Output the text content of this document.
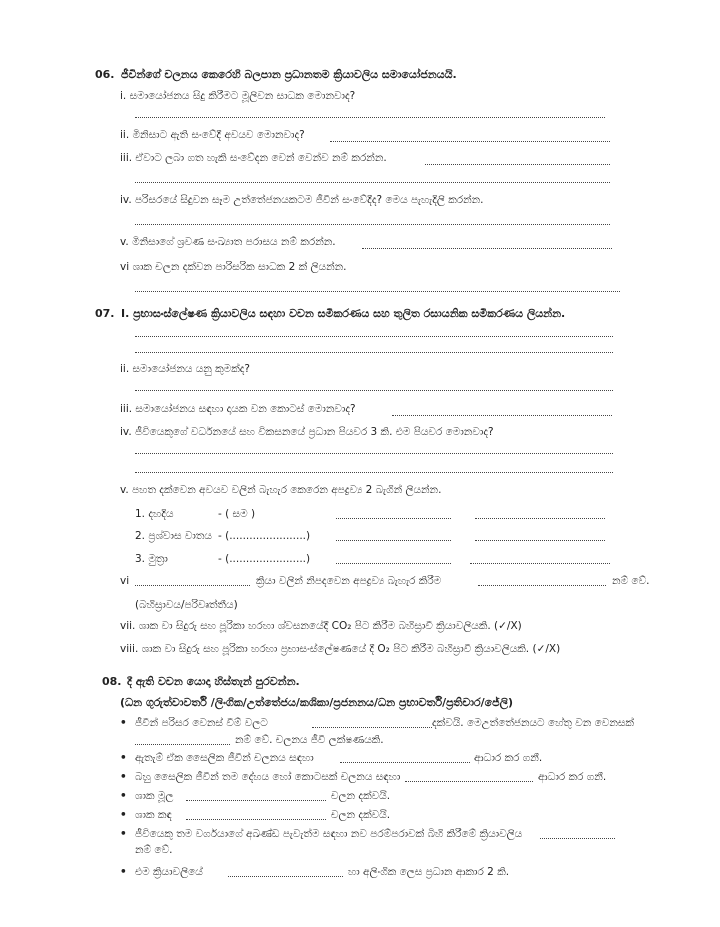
06. ජීවින්ගේ චලනය කෙරෙහි බලපාන ප්‍රධානතම ක්‍රියාවලිය සමායෝජනයයි.
i. සමායෝජනය සිදු කිරීමට මූලිවන සාධක මොනවාද?
ii. මිනිසාට ඇති සංවේදී අවයව මොනවාද?
iii. ඒවාට ලබා ගත හැකි සංවේදන වෙන් වෙන්ව නම් කරන්න.
iv. පරිසරයේ සිදුවන සෑම උත්තේජනයකටම ජීවීන් සංවේදීද? මෙය පැහැදිලි කරන්න.
v. මිනිසාගේ ශ්‍රවණ සංඛ්‍යාත පරාසය නම් කරන්න.
vi ශාක චලන දක්වන පාරිසරික සාධක 2 ක් ලියන්න.
07. I. ප්‍රභාසංස්ලේෂණ ක්‍රියාවලිය සඳහා වචන සමීකරණය සහ තුලිත රසායනික සමීකරණය ලියන්න.
ii. සමායෝජනය යනු කුමක්ද?
iii. සමායෝජනය සඳහා දායක වන කොටස් මොනවාද?
iv. ජීවියෙකුගේ වර්ධනයේ සහ විකසනයේ ප්‍රධාන පියවර 3 කි. එම පියවර මොනවාද?
v. පහත දක්වෙන අවයව වලින් බැහැර කෙරෙන අපද්‍රව්‍ය 2 බැගින් ලියන්න.
1. දහදිය	- ( සම )
2. ප්‍රශ්වාස වාතය - (.......................)
3. මුත්‍රා	- (.......................)
vi	ක්‍රියා වලින් නිපදවෙන අපද්‍රව්‍ය බැහැර කිරීම	නම් වේ.
(බහිස්‍රාවය/පරිවෘත්තීය)
vii. ශාක වා සිදුරු සහ පූරිකා හරහා ශ්වසනයේදී CO₂ පිට කිරීම බහිස්‍රාවී ක්‍රියාවලියකි. (✓/X)
viii. ශාක වා සිදුරු සහ පූරිකා හරහා ප්‍රභාසංස්ලේෂණයේ දී O₂ පිට කිරීම බහිස්‍රාවී ක්‍රියාවලියකි. (✓/X)
08. දී ඇති වචන යොදා හිස්තැන් පුරවන්න.
(ධන ගුරුත්වාවර්ති /ලිංගික/උත්තේජය/කශිකා/ප්‍රජනනය/ධන ප්‍රභාවර්ති/ප්‍රතිචාර/ජේලි)
• ජීවීන් පරිසර වෙනස් වීම් වලට	දක්වයි. මෙඋත්තේජනයට හේතු වන වෙනසක්
නම් වේ. චලනය ජීවී ලක්ෂණයකි.
• ඇතැම් ඒක සෛලික ජීවීන් චලනය සඳහා	ආධාර කර ගනී.
• බහු සෛලික ජීවීන් තම දේහය හෝ කොටසක් චලනය සඳහා	ආධාර කර ගනී.
• ශාක මූල	චලන දක්වයි.
• ශාක කඳ	චලන දක්වයි.
• ජීවියෙකු තම වර්ගයාගේ අඛණ්ඩ පැවැත්ම සඳහා නව පරම්පරාවක් බිහි කිරීමේ ක්‍රියාවලිය
නම් වේ.
• එම ක්‍රියාවලියේ	හා අලිංගික ලෙස ප්‍රධාන ආකාර 2 කි.
